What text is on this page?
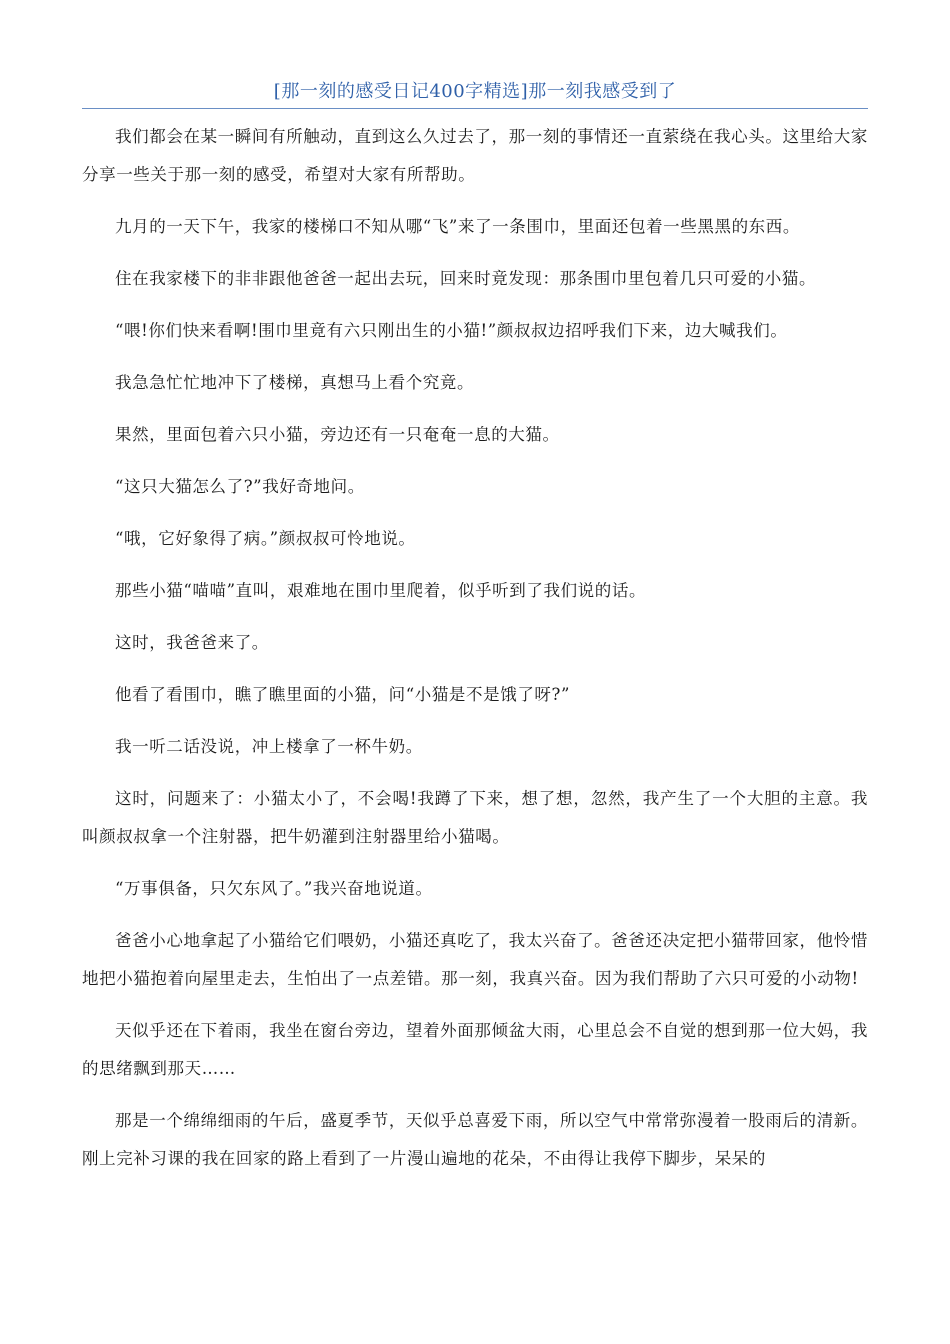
[那一刻的感受日记400字精选]那一刻我感受到了

我们都会在某一瞬间有所触动，直到这么久过去了，那一刻的事情还一直萦绕在我心头。这里给大家分享一些关于那一刻的感受，希望对大家有所帮助。

九月的一天下午，我家的楼梯口不知从哪“飞”来了一条围巾，里面还包着一些黑黑的东西。

住在我家楼下的非非跟他爸爸一起出去玩，回来时竟发现：那条围巾里包着几只可爱的小猫。

“喂!你们快来看啊!围巾里竟有六只刚出生的小猫!”颜叔叔边招呼我们下来，边大喊我们。

我急急忙忙地冲下了楼梯，真想马上看个究竟。

果然，里面包着六只小猫，旁边还有一只奄奄一息的大猫。

“这只大猫怎么了?”我好奇地问。

“哦，它好象得了病。”颜叔叔可怜地说。

那些小猫“喵喵”直叫，艰难地在围巾里爬着，似乎听到了我们说的话。

这时，我爸爸来了。

他看了看围巾，瞧了瞧里面的小猫，问“小猫是不是饿了呀?”

我一听二话没说，冲上楼拿了一杯牛奶。

这时，问题来了：小猫太小了，不会喝!我蹲了下来，想了想，忽然，我产生了一个大胆的主意。我叫颜叔叔拿一个注射器，把牛奶灌到注射器里给小猫喝。

“万事俱备，只欠东风了。”我兴奋地说道。

爸爸小心地拿起了小猫给它们喂奶，小猫还真吃了，我太兴奋了。爸爸还决定把小猫带回家，他怜惜地把小猫抱着向屋里走去，生怕出了一点差错。那一刻，我真兴奋。因为我们帮助了六只可爱的小动物!

天似乎还在下着雨，我坐在窗台旁边，望着外面那倾盆大雨，心里总会不自觉的想到那一位大妈，我的思绪飘到那天……

那是一个绵绵细雨的午后，盛夏季节，天似乎总喜爱下雨，所以空气中常常弥漫着一股雨后的清新。刚上完补习课的我在回家的路上看到了一片漫山遍地的花朵，不由得让我停下脚步，呆呆的
